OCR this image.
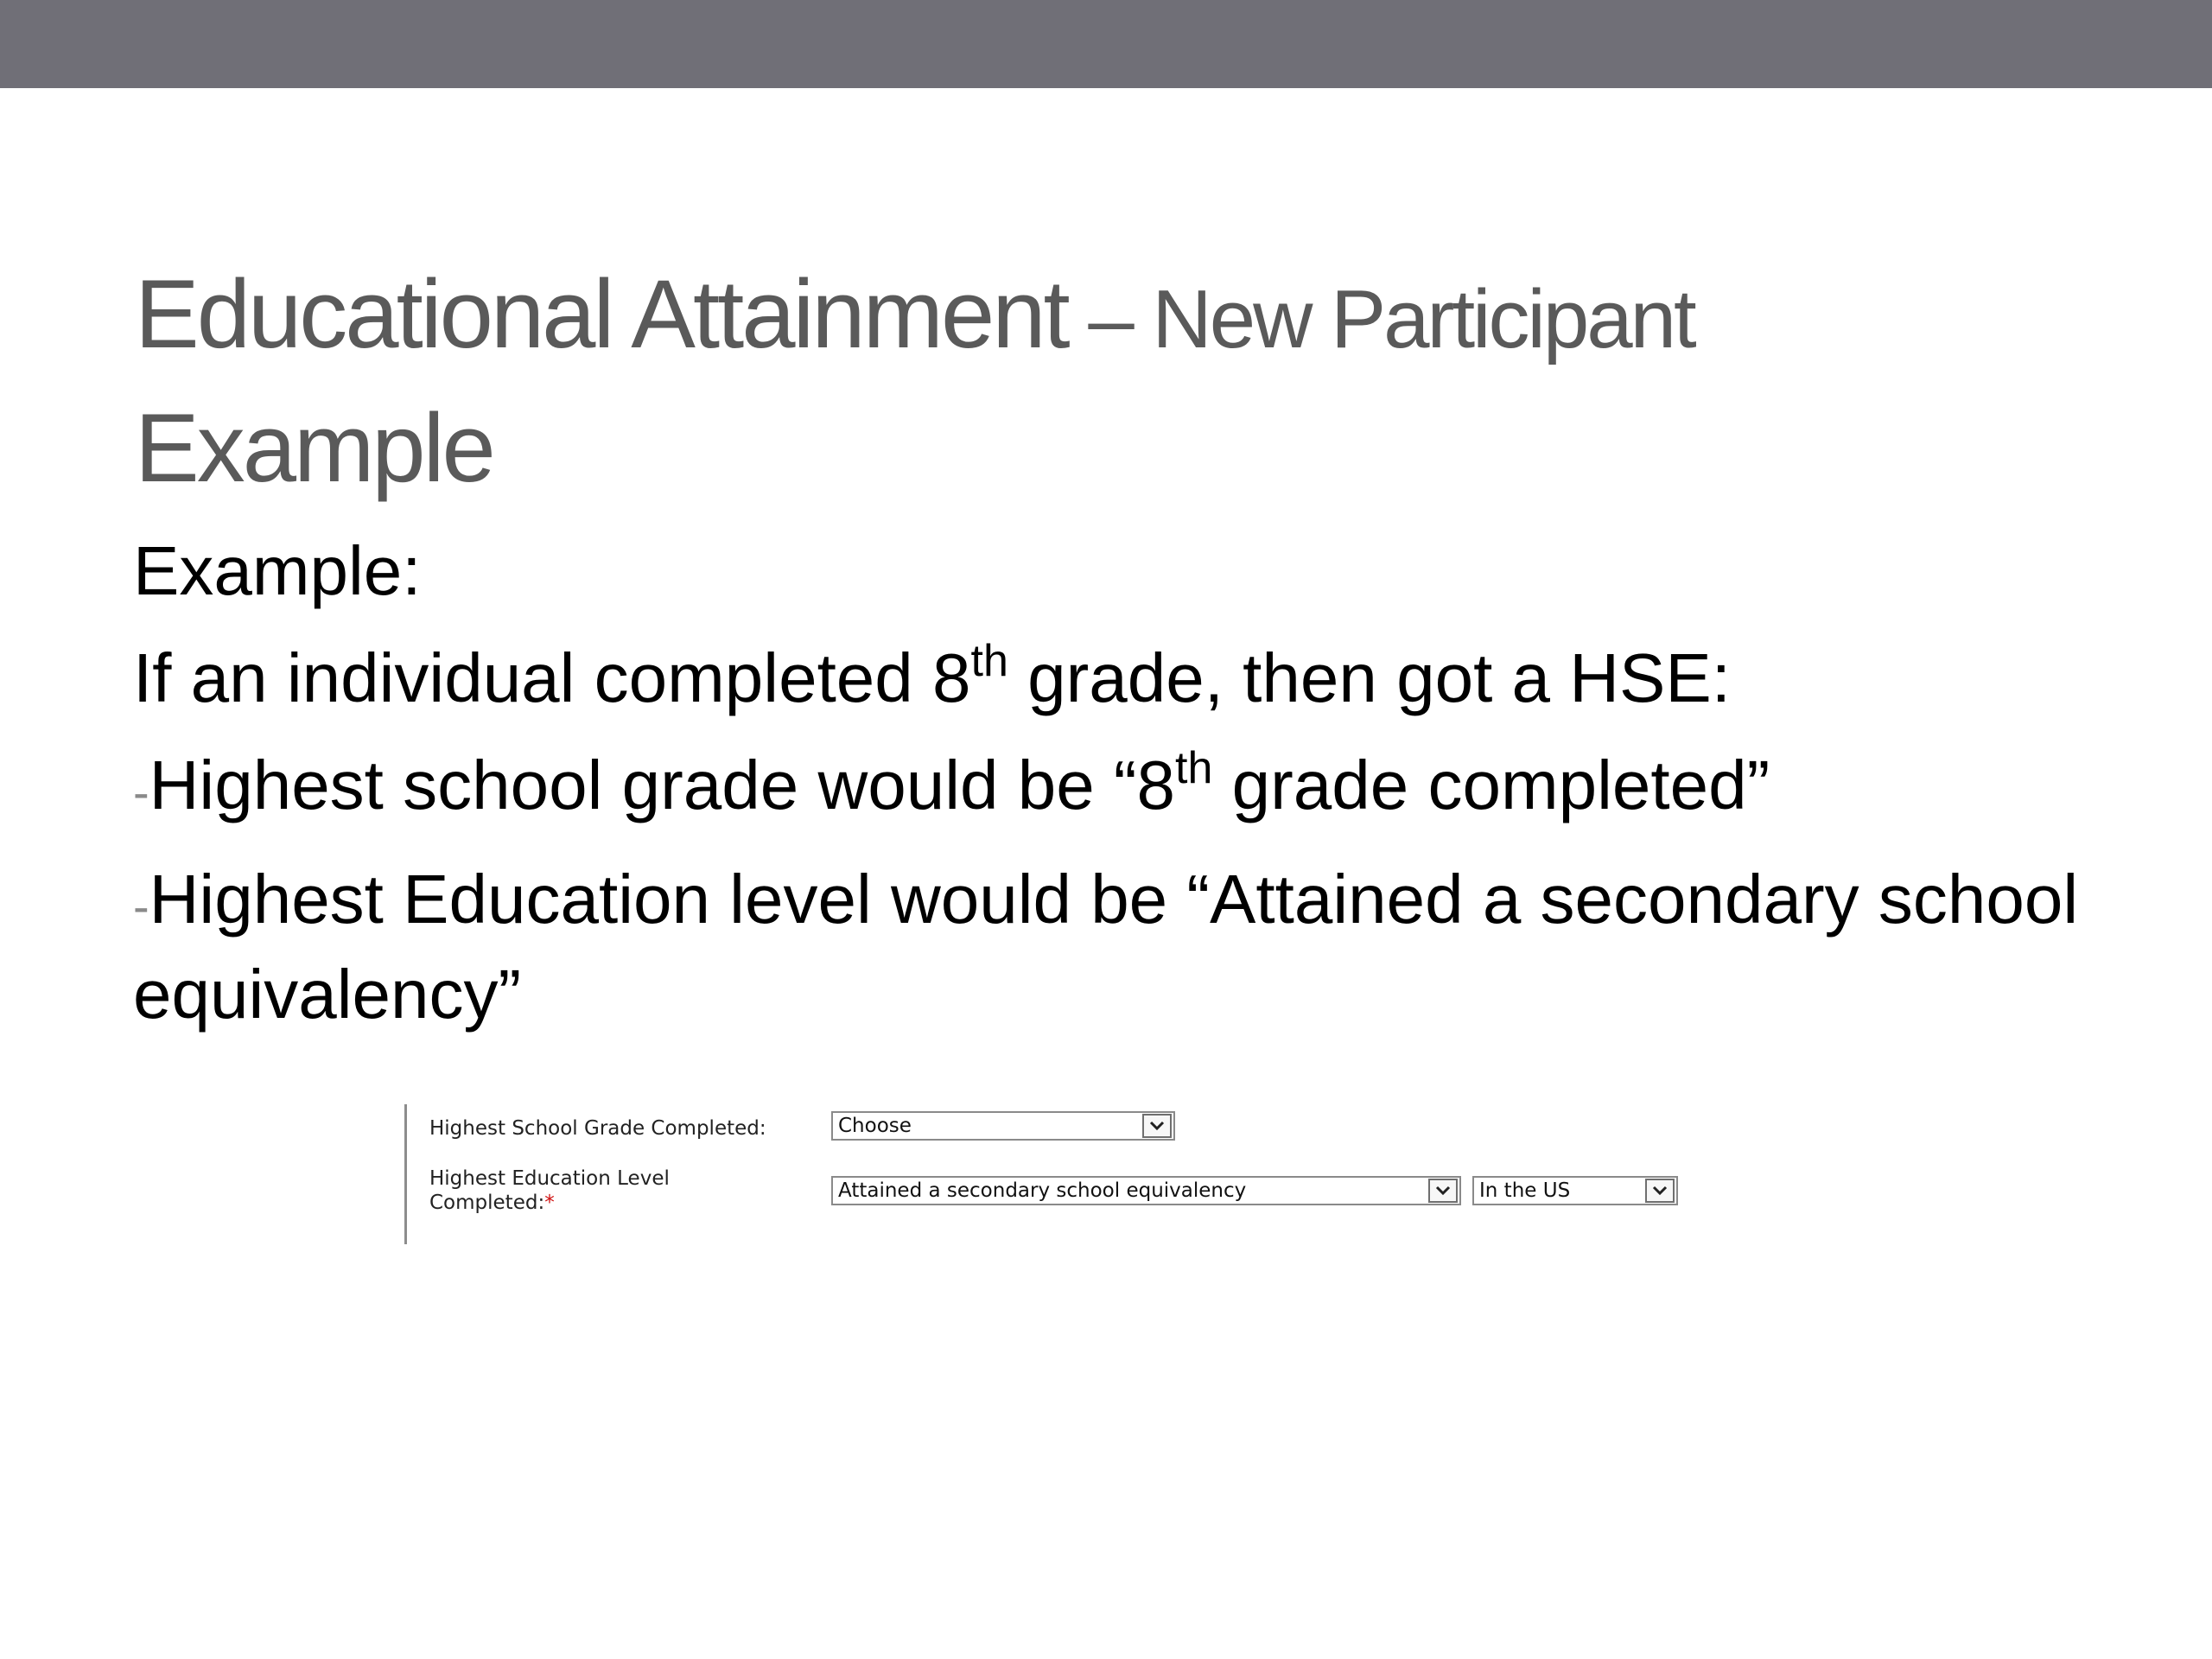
Educational Attainment – New Participant
Example

Example:

If an individual completed 8th grade, then got a HSE:

-Highest school grade would be “8th grade completed”

-Highest Education level would be “Attained a secondary school equivalency”

Highest School Grade Completed:	Choose
Highest Education Level
Completed:*
Attained a secondary school equivalency	In the US
